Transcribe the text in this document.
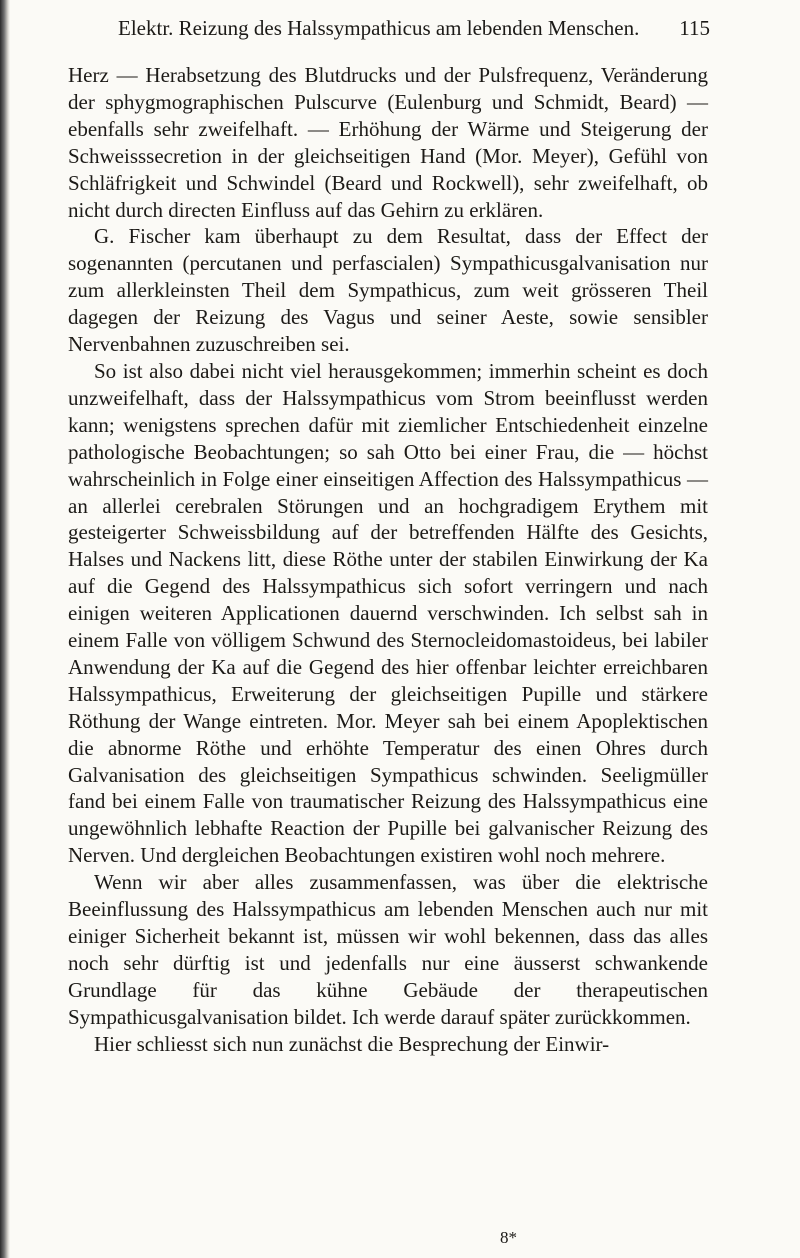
Elektr. Reizung des Halssympathicus am lebenden Menschen. 115

Herz — Herabsetzung des Blutdrucks und der Pulsfrequenz, Veränderung der sphygmographischen Pulscurve (Eulenburg und Schmidt, Beard) — ebenfalls sehr zweifelhaft. — Erhöhung der Wärme und Steigerung der Schweisssecretion in der gleichseitigen Hand (Mor. Meyer), Gefühl von Schläfrigkeit und Schwindel (Beard und Rockwell), sehr zweifelhaft, ob nicht durch directen Einfluss auf das Gehirn zu erklären.

G. Fischer kam überhaupt zu dem Resultat, dass der Effect der sogenannten (percutanen und perfascialen) Sympathicusgalvanisation nur zum allerkleinsten Theil dem Sympathicus, zum weit grösseren Theil dagegen der Reizung des Vagus und seiner Aeste, sowie sensibler Nervenbahnen zuzuschreiben sei.

So ist also dabei nicht viel herausgekommen; immerhin scheint es doch unzweifelhaft, dass der Halssympathicus vom Strom beeinflusst werden kann; wenigstens sprechen dafür mit ziemlicher Entschiedenheit einzelne pathologische Beobachtungen; so sah Otto bei einer Frau, die — höchst wahrscheinlich in Folge einer einseitigen Affection des Halssympathicus — an allerlei cerebralen Störungen und an hochgradigem Erythem mit gesteigerter Schweissbildung auf der betreffenden Hälfte des Gesichts, Halses und Nackens litt, diese Röthe unter der stabilen Einwirkung der Ka auf die Gegend des Halssympathicus sich sofort verringern und nach einigen weiteren Applicationen dauernd verschwinden. Ich selbst sah in einem Falle von völligem Schwund des Sternocleidomastoideus, bei labiler Anwendung der Ka auf die Gegend des hier offenbar leichter erreichbaren Halssympathicus, Erweiterung der gleichseitigen Pupille und stärkere Röthung der Wange eintreten. Mor. Meyer sah bei einem Apoplektischen die abnorme Röthe und erhöhte Temperatur des einen Ohres durch Galvanisation des gleichseitigen Sympathicus schwinden. Seeligmüller fand bei einem Falle von traumatischer Reizung des Halssympathicus eine ungewöhnlich lebhafte Reaction der Pupille bei galvanischer Reizung des Nerven. Und dergleichen Beobachtungen existiren wohl noch mehrere.

Wenn wir aber alles zusammenfassen, was über die elektrische Beeinflussung des Halssympathicus am lebenden Menschen auch nur mit einiger Sicherheit bekannt ist, müssen wir wohl bekennen, dass das alles noch sehr dürftig ist und jedenfalls nur eine äusserst schwankende Grundlage für das kühne Gebäude der therapeutischen Sympathicusgalvanisation bildet. Ich werde darauf später zurückkommen.

Hier schliesst sich nun zunächst die Besprechung der Einwir-

8*
